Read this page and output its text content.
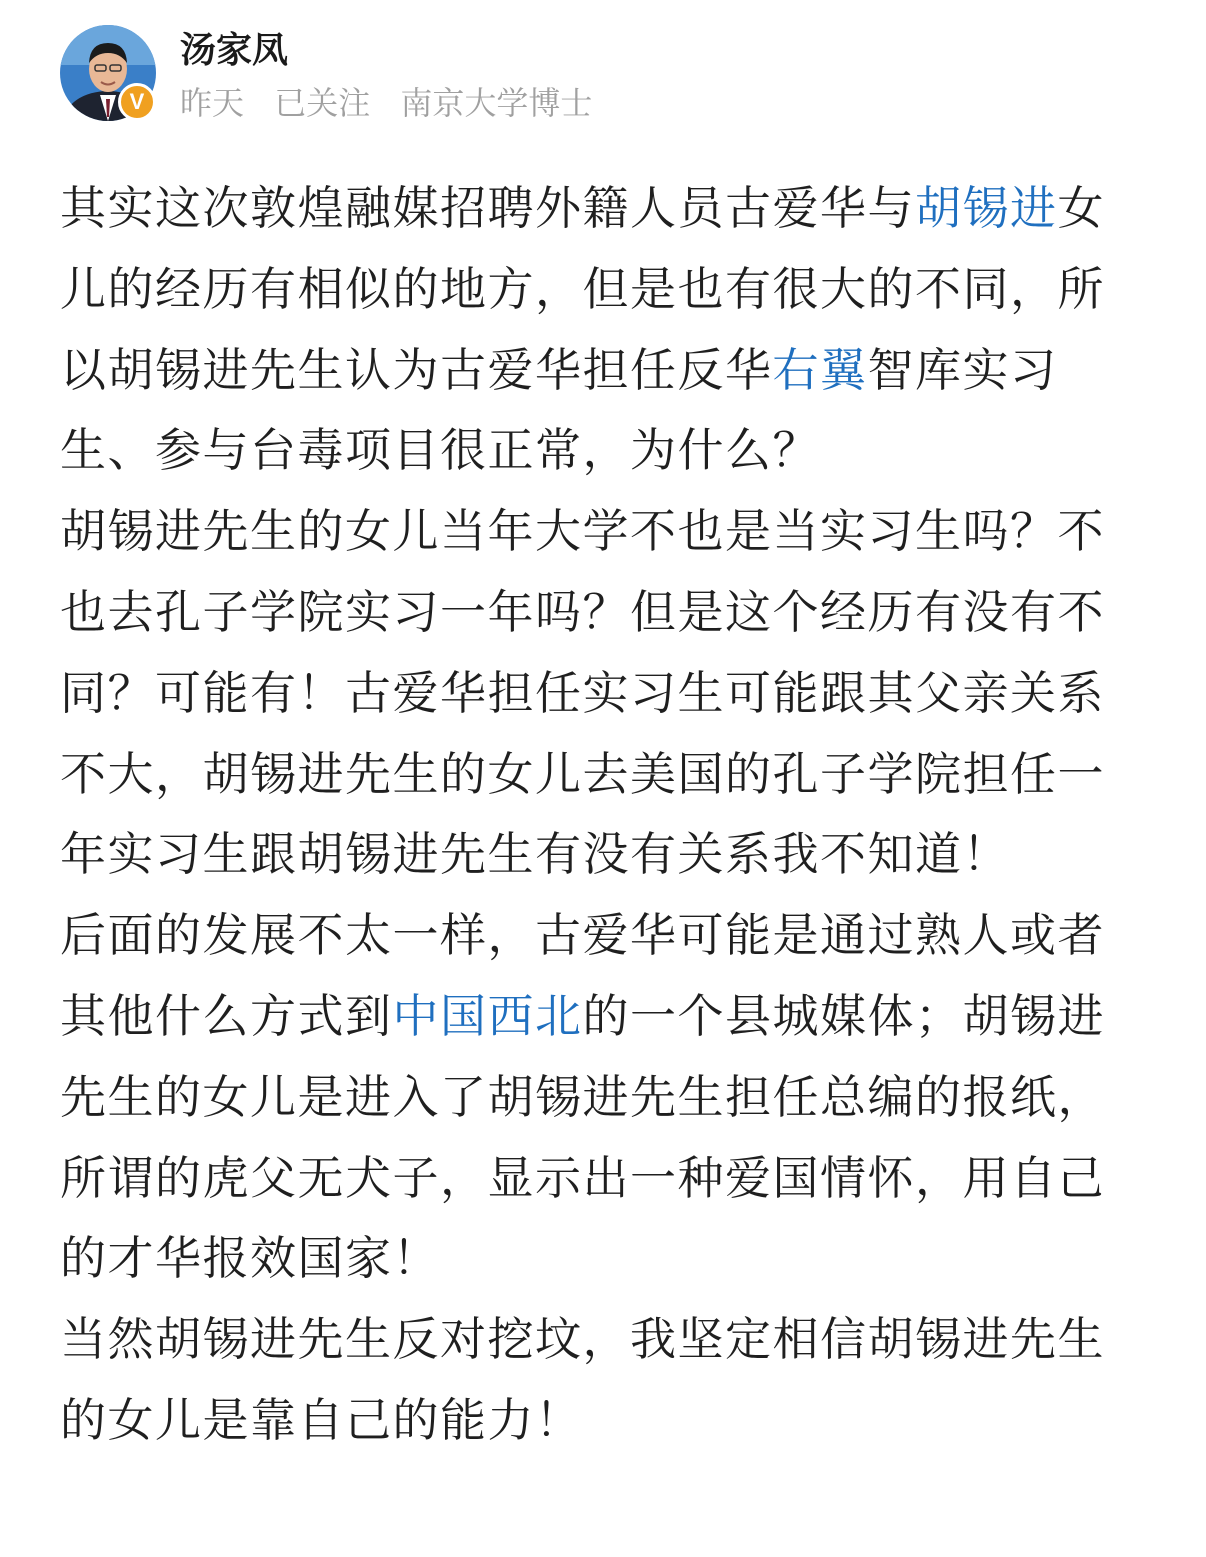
V
汤家凤
昨天 已关注 南京大学博士

其实这次敦煌融媒招聘外籍人员古爱华与胡锡进女儿的经历有相似的地方，但是也有很大的不同，所以胡锡进先生认为古爱华担任反华右翼智库实习生、参与台毒项目很正常，为什么？

胡锡进先生的女儿当年大学不也是当实习生吗？不也去孔子学院实习一年吗？但是这个经历有没有不同？可能有！古爱华担任实习生可能跟其父亲关系不大，胡锡进先生的女儿去美国的孔子学院担任一年实习生跟胡锡进先生有没有关系我不知道！

后面的发展不太一样，古爱华可能是通过熟人或者其他什么方式到中国西北的一个县城媒体；胡锡进先生的女儿是进入了胡锡进先生担任总编的报纸，所谓的虎父无犬子，显示出一种爱国情怀，用自己的才华报效国家！

当然胡锡进先生反对挖坟，我坚定相信胡锡进先生的女儿是靠自己的能力！
